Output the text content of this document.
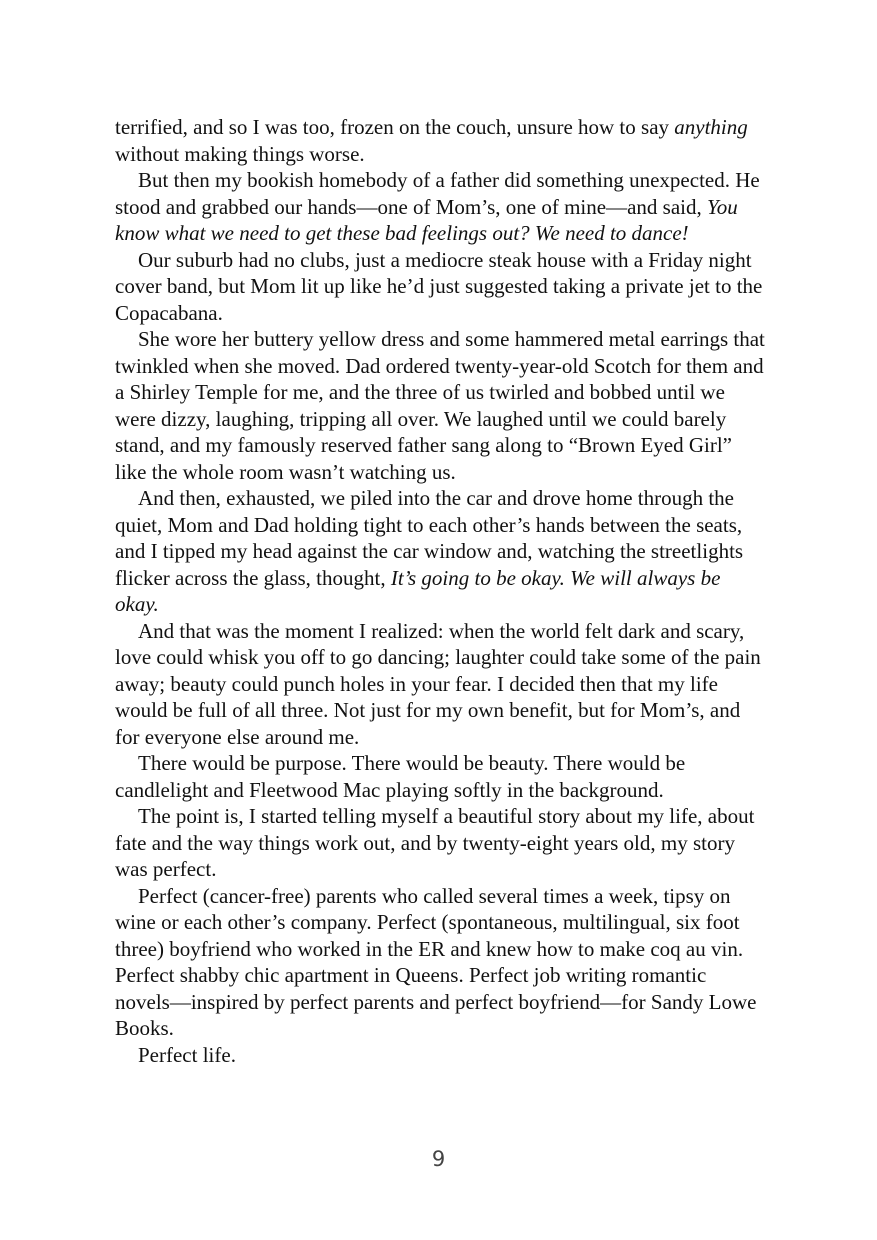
terrified, and so I was too, frozen on the couch, unsure how to say anything without making things worse.

But then my bookish homebody of a father did something unexpected. He stood and grabbed our hands—one of Mom’s, one of mine—and said, You know what we need to get these bad feelings out? We need to dance!

Our suburb had no clubs, just a mediocre steak house with a Friday night cover band, but Mom lit up like he’d just suggested taking a private jet to the Copacabana.

She wore her buttery yellow dress and some hammered metal earrings that twinkled when she moved. Dad ordered twenty-year-old Scotch for them and a Shirley Temple for me, and the three of us twirled and bobbed until we were dizzy, laughing, tripping all over. We laughed until we could barely stand, and my famously reserved father sang along to “Brown Eyed Girl” like the whole room wasn’t watching us.

And then, exhausted, we piled into the car and drove home through the quiet, Mom and Dad holding tight to each other’s hands between the seats, and I tipped my head against the car window and, watching the streetlights flicker across the glass, thought, It’s going to be okay. We will always be okay.

And that was the moment I realized: when the world felt dark and scary, love could whisk you off to go dancing; laughter could take some of the pain away; beauty could punch holes in your fear. I decided then that my life would be full of all three. Not just for my own benefit, but for Mom’s, and for everyone else around me.

There would be purpose. There would be beauty. There would be candlelight and Fleetwood Mac playing softly in the background.

The point is, I started telling myself a beautiful story about my life, about fate and the way things work out, and by twenty-eight years old, my story was perfect.

Perfect (cancer-free) parents who called several times a week, tipsy on wine or each other’s company. Perfect (spontaneous, multilingual, six foot three) boyfriend who worked in the ER and knew how to make coq au vin. Perfect shabby chic apartment in Queens. Perfect job writing romantic novels—inspired by perfect parents and perfect boyfriend—for Sandy Lowe Books.

Perfect life.

9
